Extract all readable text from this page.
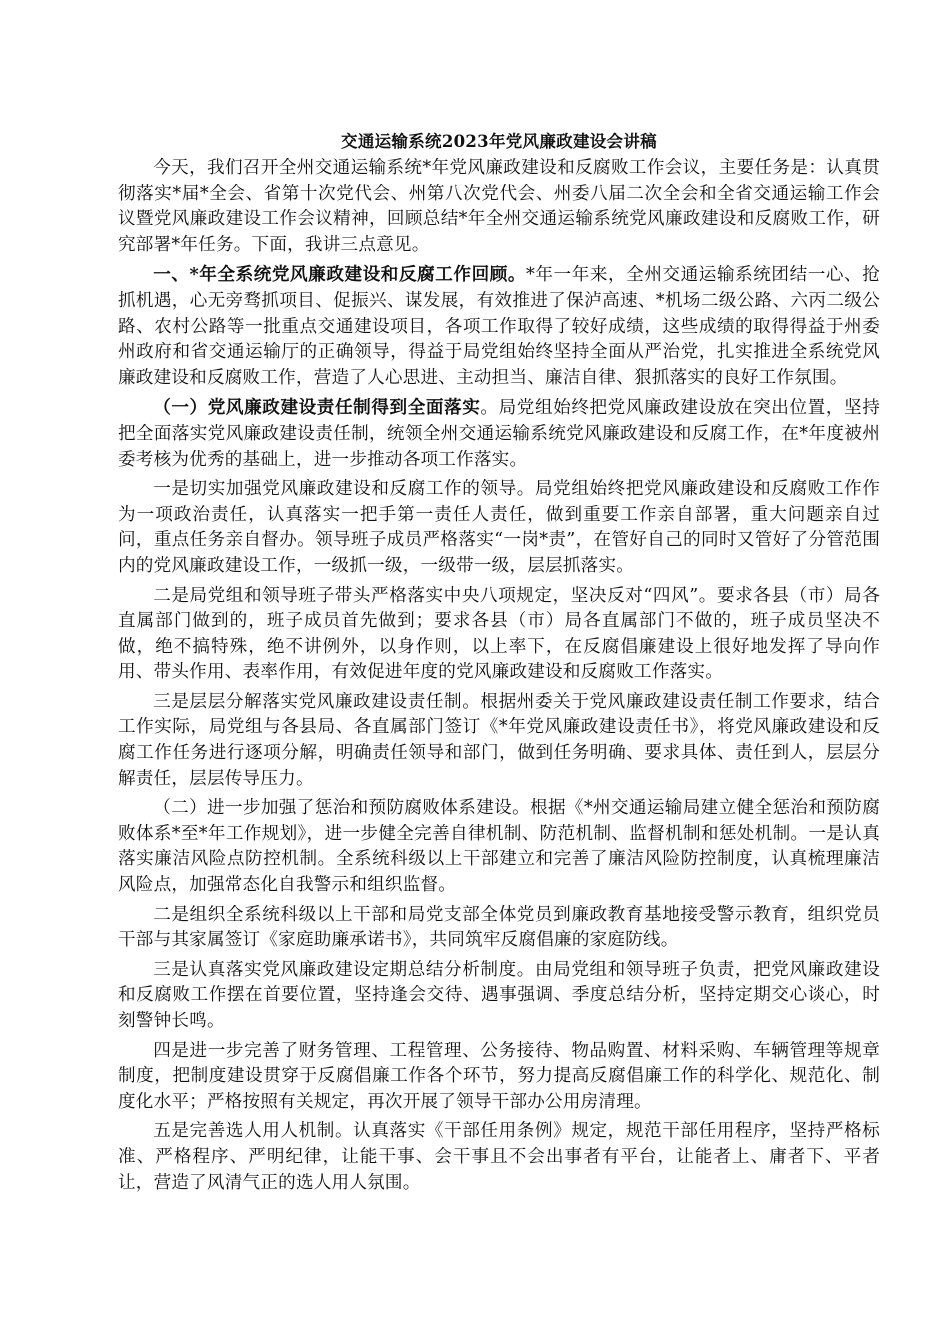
交通运输系统2023年党风廉政建设会讲稿

今天，我们召开全州交通运输系统*年党风廉政建设和反腐败工作会议，主要任务是：认真贯彻落实*届*全会、省第十次党代会、州第八次党代会、州委八届二次全会和全省交通运输工作会议暨党风廉政建设工作会议精神，回顾总结*年全州交通运输系统党风廉政建设和反腐败工作，研究部署*年任务。下面，我讲三点意见。

一、*年全系统党风廉政建设和反腐工作回顾。*年一年来，全州交通运输系统团结一心、抢抓机遇，心无旁骛抓项目、促振兴、谋发展，有效推进了保泸高速、*机场二级公路、六丙二级公路、农村公路等一批重点交通建设项目，各项工作取得了较好成绩，这些成绩的取得得益于州委州政府和省交通运输厅的正确领导，得益于局党组始终坚持全面从严治党，扎实推进全系统党风廉政建设和反腐败工作，营造了人心思进、主动担当、廉洁自律、狠抓落实的良好工作氛围。

（一）党风廉政建设责任制得到全面落实。局党组始终把党风廉政建设放在突出位置，坚持把全面落实党风廉政建设责任制，统领全州交通运输系统党风廉政建设和反腐工作，在*年度被州委考核为优秀的基础上，进一步推动各项工作落实。

一是切实加强党风廉政建设和反腐工作的领导。局党组始终把党风廉政建设和反腐败工作作为一项政治责任，认真落实一把手第一责任人责任，做到重要工作亲自部署，重大问题亲自过问，重点任务亲自督办。领导班子成员严格落实“一岗*责”，在管好自己的同时又管好了分管范围内的党风廉政建设工作，一级抓一级，一级带一级，层层抓落实。

二是局党组和领导班子带头严格落实中央八项规定，坚决反对“四风”。要求各县（市）局各直属部门做到的，班子成员首先做到；要求各县（市）局各直属部门不做的，班子成员坚决不做，绝不搞特殊，绝不讲例外，以身作则，以上率下，在反腐倡廉建设上很好地发挥了导向作用、带头作用、表率作用，有效促进年度的党风廉政建设和反腐败工作落实。

三是层层分解落实党风廉政建设责任制。根据州委关于党风廉政建设责任制工作要求，结合工作实际，局党组与各县局、各直属部门签订《*年党风廉政建设责任书》，将党风廉政建设和反腐工作任务进行逐项分解，明确责任领导和部门，做到任务明确、要求具体、责任到人，层层分解责任，层层传导压力。

（二）进一步加强了惩治和预防腐败体系建设。根据《*州交通运输局建立健全惩治和预防腐败体系*至*年工作规划》，进一步健全完善自律机制、防范机制、监督机制和惩处机制。一是认真落实廉洁风险点防控机制。全系统科级以上干部建立和完善了廉洁风险防控制度，认真梳理廉洁风险点，加强常态化自我警示和组织监督。

二是组织全系统科级以上干部和局党支部全体党员到廉政教育基地接受警示教育，组织党员干部与其家属签订《家庭助廉承诺书》，共同筑牢反腐倡廉的家庭防线。

三是认真落实党风廉政建设定期总结分析制度。由局党组和领导班子负责，把党风廉政建设和反腐败工作摆在首要位置，坚持逢会交待、遇事强调、季度总结分析，坚持定期交心谈心，时刻警钟长鸣。

四是进一步完善了财务管理、工程管理、公务接待、物品购置、材料采购、车辆管理等规章制度，把制度建设贯穿于反腐倡廉工作各个环节，努力提高反腐倡廉工作的科学化、规范化、制度化水平；严格按照有关规定，再次开展了领导干部办公用房清理。

五是完善选人用人机制。认真落实《干部任用条例》规定，规范干部任用程序，坚持严格标准、严格程序、严明纪律，让能干事、会干事且不会出事者有平台，让能者上、庸者下、平者让，营造了风清气正的选人用人氛围。
